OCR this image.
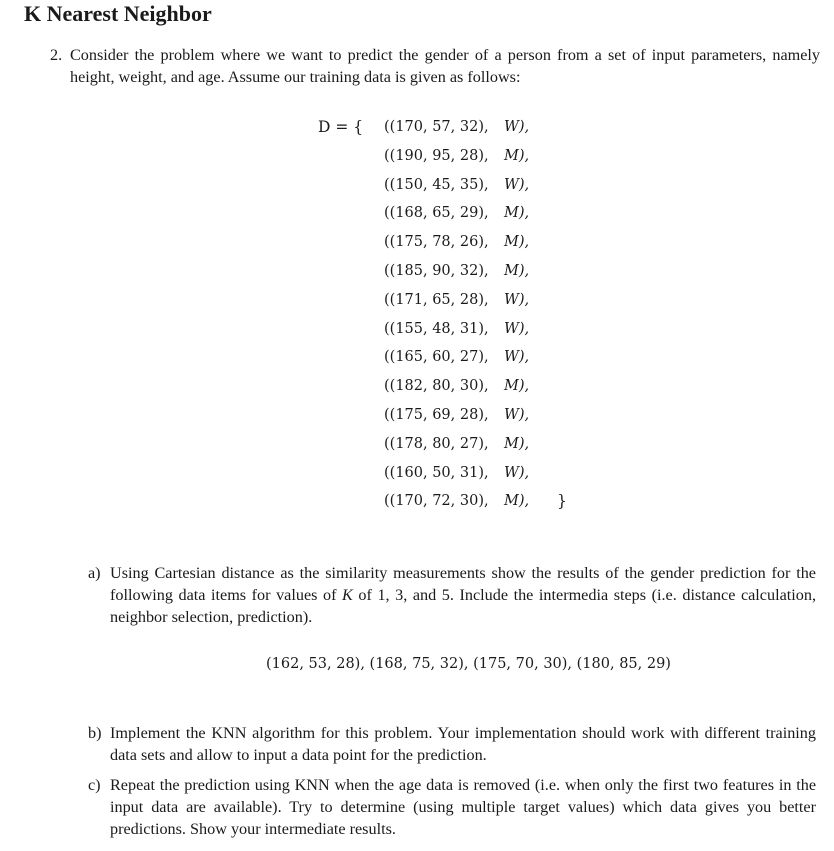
K Nearest Neighbor
2. Consider the problem where we want to predict the gender of a person from a set of input parameters, namely height, weight, and age. Assume our training data is given as follows:
D = { ((170, 57, 32), W),
((190, 95, 28), M),
((150, 45, 35), W),
((168, 65, 29), M),
((175, 78, 26), M),
((185, 90, 32), M),
((171, 65, 28), W),
((155, 48, 31), W),
((165, 60, 27), W),
((182, 80, 30), M),
((175, 69, 28), W),
((178, 80, 27), M),
((160, 50, 31), W),
((170, 72, 30), M), }
a) Using Cartesian distance as the similarity measurements show the results of the gender prediction for the following data items for values of K of 1, 3, and 5. Include the intermedia steps (i.e. distance calculation, neighbor selection, prediction).
(162, 53, 28), (168, 75, 32), (175, 70, 30), (180, 85, 29)
b) Implement the KNN algorithm for this problem. Your implementation should work with different training data sets and allow to input a data point for the prediction.
c) Repeat the prediction using KNN when the age data is removed (i.e. when only the first two features in the input data are available). Try to determine (using multiple target values) which data gives you better predictions. Show your intermediate results.
